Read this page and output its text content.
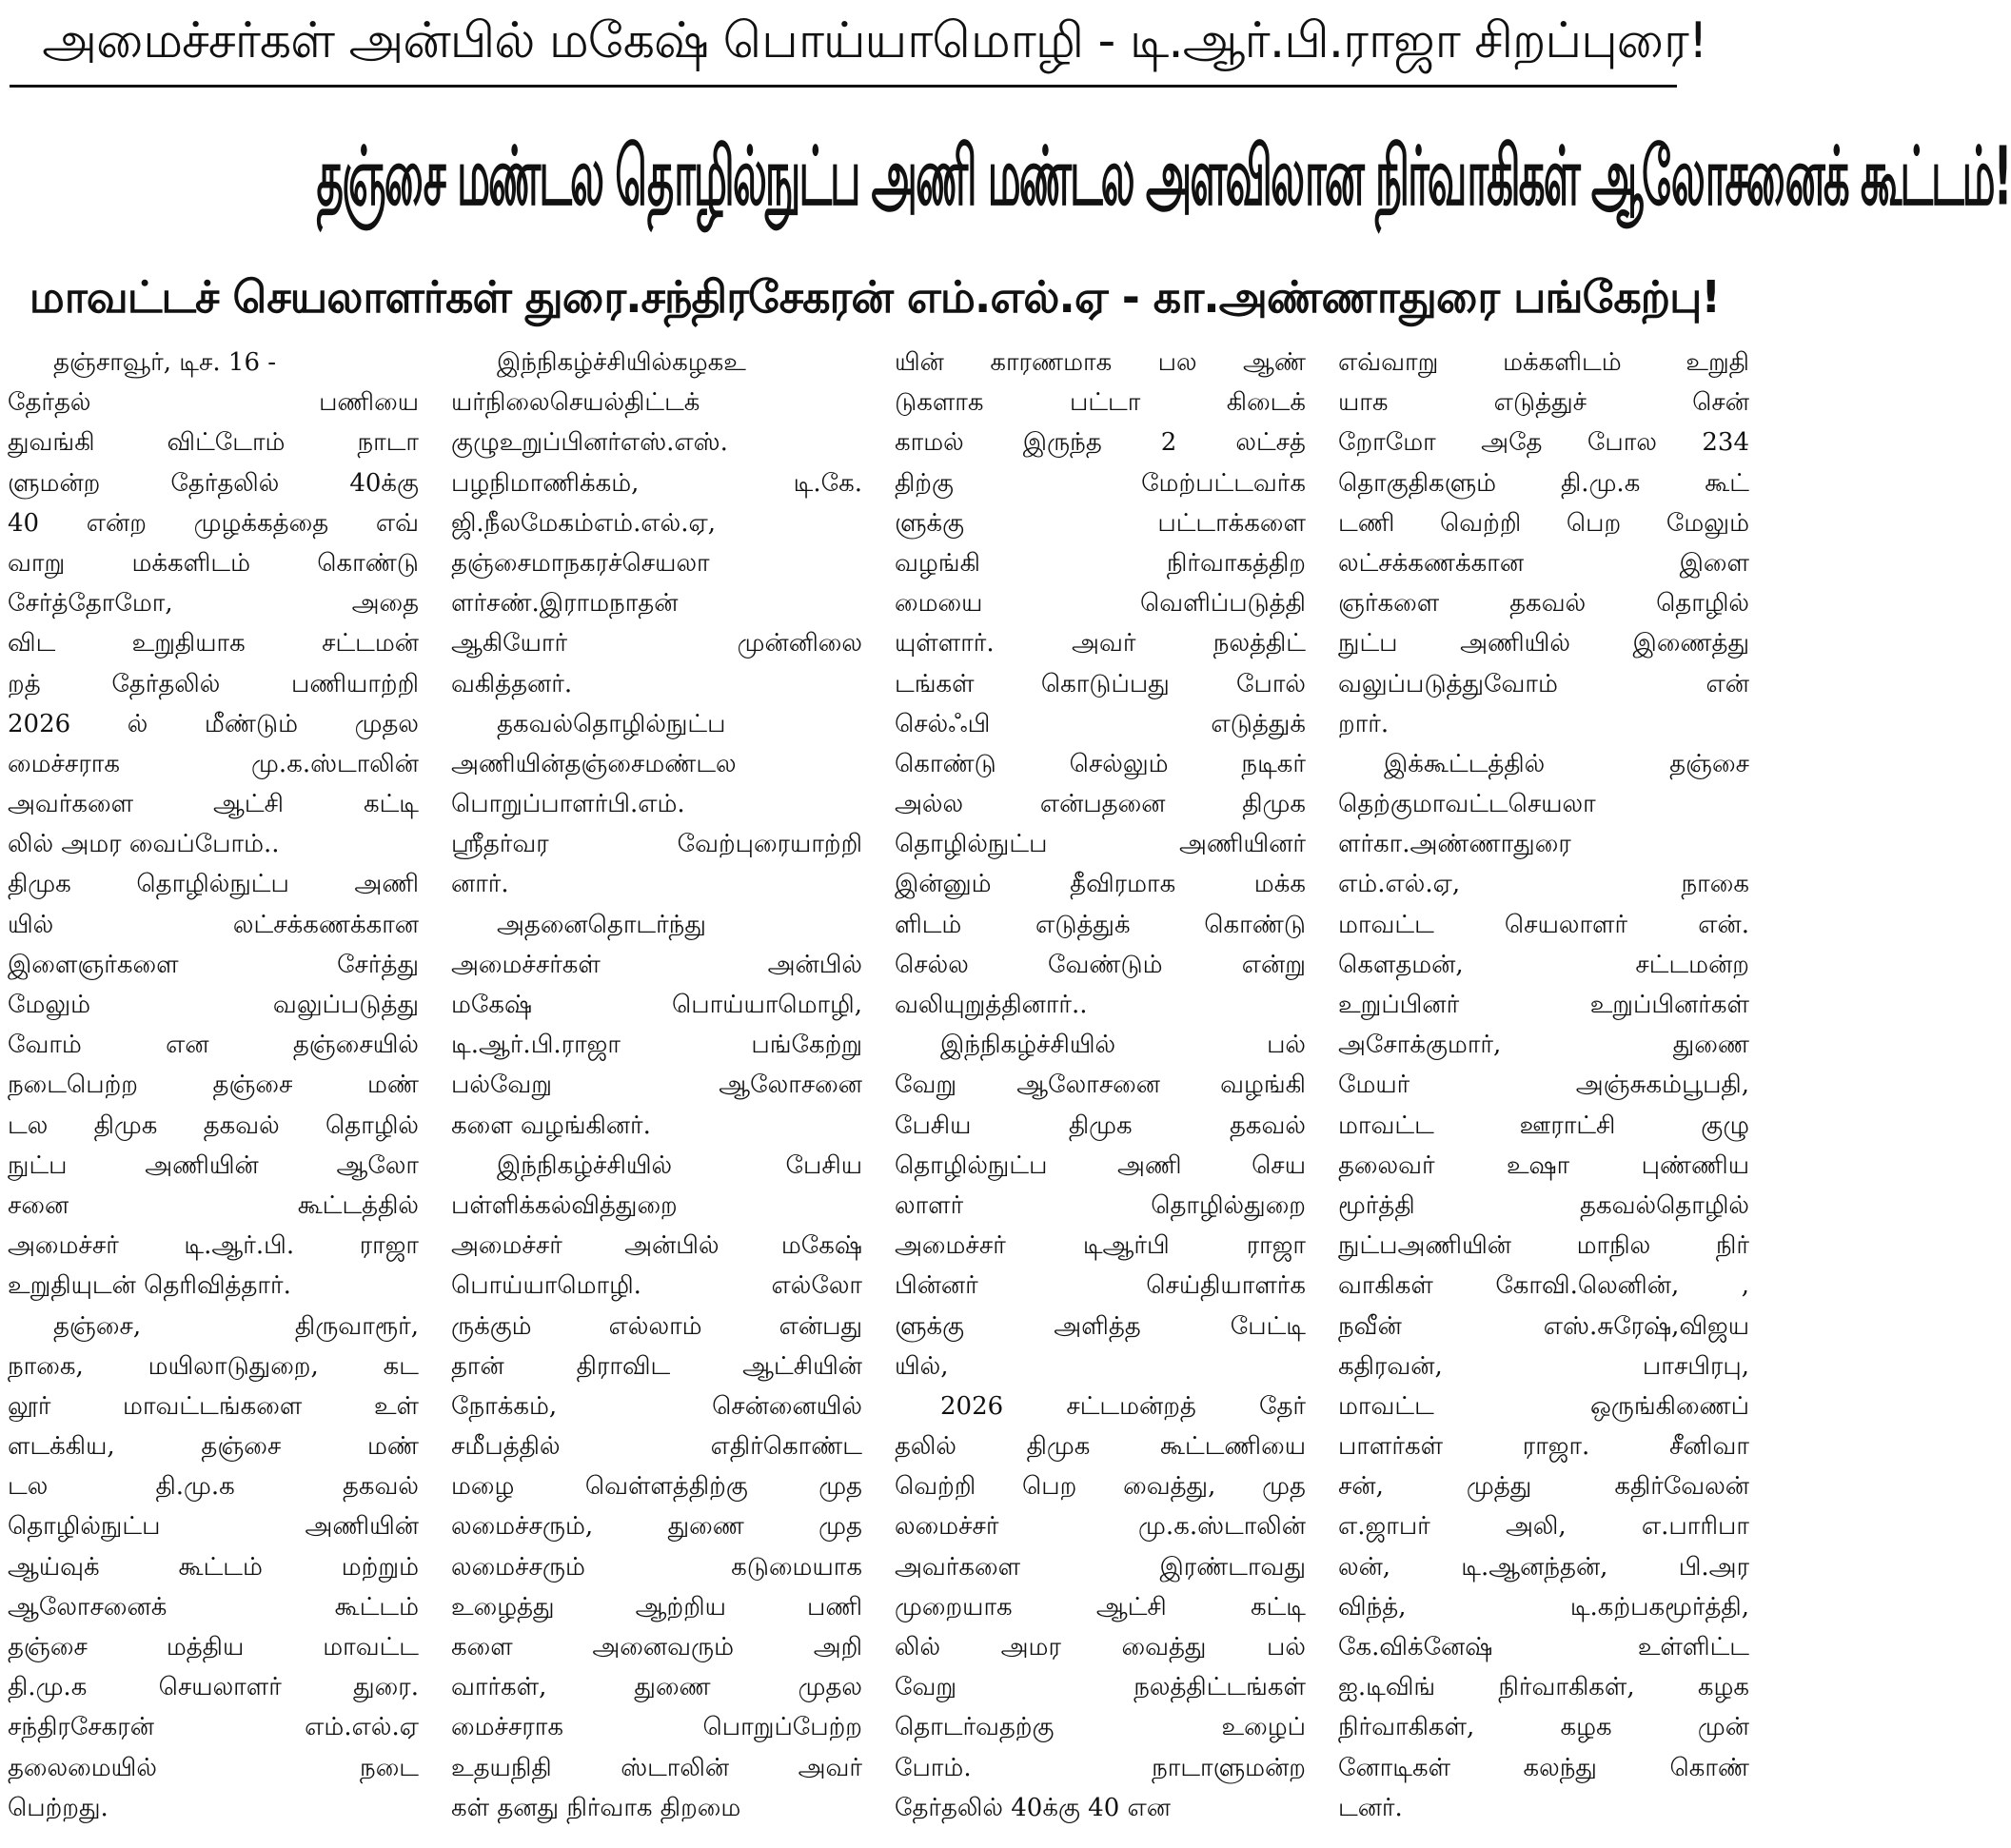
அமைச்சர்கள் அன்பில் மகேஷ் பொய்யாமொழி - டி.ஆர்.பி.ராஜா சிறப்புரை!
தஞ்சை மண்டல தொழில்நுட்ப அணி மண்டல அளவிலான நிர்வாகிகள் ஆலோசனைக் கூட்டம்!
மாவட்டச் செயலாளர்கள் துரை.சந்திரசேகரன் எம்.எல்.ஏ - கா.அண்ணாதுரை பங்கேற்பு!
தஞ்சாவூர், டிச. 16 -
தேர்தல் பணியை
துவங்கி விட்டோம் நாடா
ளுமன்ற தேர்தலில் 40க்கு
40 என்ற முழக்கத்தை எவ்
வாறு மக்களிடம் கொண்டு
சேர்த்தோமோ, அதை
விட உறுதியாக சட்டமன்
றத் தேர்தலில் பணியாற்றி
2026 ல் மீண்டும் முதல
மைச்சராக மு.க.ஸ்டாலின்
அவர்களை ஆட்சி கட்டி
லில் அமர வைப்போம்..
திமுக தொழில்நுட்ப அணி
யில் லட்சக்கணக்கான
இளைஞர்களை சேர்த்து
மேலும் வலுப்படுத்து
வோம் என தஞ்சையில்
நடைபெற்ற தஞ்சை மண்
டல திமுக தகவல் தொழில்
நுட்ப அணியின் ஆலோ
சனை கூட்டத்தில்
அமைச்சர் டி.ஆர்.பி. ராஜா
உறுதியுடன் தெரிவித்தார்.
தஞ்சை, திருவாரூர்,
நாகை, மயிலாடுதுறை, கட
லூர் மாவட்டங்களை உள்
ளடக்கிய, தஞ்சை மண்
டல தி.மு.க தகவல்
தொழில்நுட்ப அணியின்
ஆய்வுக் கூட்டம் மற்றும்
ஆலோசனைக் கூட்டம்
தஞ்சை மத்திய மாவட்ட
தி.மு.க செயலாளர் துரை.
சந்திரசேகரன் எம்.எல்.ஏ
தலைமையில் நடை
பெற்றது.
இந்நிகழ்ச்சியில்கழகஉ
யர்நிலைசெயல்திட்டக்
குழுஉறுப்பினர்எஸ்.எஸ்.
பழநிமாணிக்கம், டி.கே.
ஜி.நீலமேகம்எம்.எல்.ஏ,
தஞ்சைமாநகரச்செயலா
ளர்சண்.இராமநாதன்
ஆகியோர் முன்னிலை
வகித்தனர்.
தகவல்தொழில்நுட்ப
அணியின்தஞ்சைமண்டல
பொறுப்பாளர்பி.எம்.
ஸ்ரீதர்வர வேற்புரையாற்றி
னார்.
அதனைதொடர்ந்து
அமைச்சர்கள் அன்பில்
மகேஷ் பொய்யாமொழி,
டி.ஆர்.பி.ராஜா பங்கேற்று
பல்வேறு ஆலோசனை
களை வழங்கினர்.
இந்நிகழ்ச்சியில் பேசிய
பள்ளிக்கல்வித்துறை
அமைச்சர் அன்பில் மகேஷ்
பொய்யாமொழி. எல்லோ
ருக்கும் எல்லாம் என்பது
தான் திராவிட ஆட்சியின்
நோக்கம், சென்னையில்
சமீபத்தில் எதிர்கொண்ட
மழை வெள்ளத்திற்கு முத
லமைச்சரும், துணை முத
லமைச்சரும் கடுமையாக
உழைத்து ஆற்றிய பணி
களை அனைவரும் அறி
வார்கள், துணை முதல
மைச்சராக பொறுப்பேற்ற
உதயநிதி ஸ்டாலின் அவர்
கள் தனது நிர்வாக திறமை
யின் காரணமாக பல ஆண்
டுகளாக பட்டா கிடைக்
காமல் இருந்த 2 லட்சத்
திற்கு மேற்பட்டவர்க
ளுக்கு பட்டாக்களை
வழங்கி நிர்வாகத்திற
மையை வெளிப்படுத்தி
யுள்ளார். அவர் நலத்திட்
டங்கள் கொடுப்பது போல்
செல்ஃபி எடுத்துக்
கொண்டு செல்லும் நடிகர்
அல்ல என்பதனை திமுக
தொழில்நுட்ப அணியினர்
இன்னும் தீவிரமாக மக்க
ளிடம் எடுத்துக் கொண்டு
செல்ல வேண்டும் என்று
வலியுறுத்தினார்..
இந்நிகழ்ச்சியில் பல்
வேறு ஆலோசனை வழங்கி
பேசிய திமுக தகவல்
தொழில்நுட்ப அணி செய
லாளர் தொழில்துறை
அமைச்சர் டிஆர்பி ராஜா
பின்னர் செய்தியாளர்க
ளுக்கு அளித்த பேட்டி
யில்,
2026 சட்டமன்றத் தேர்
தலில் திமுக கூட்டணியை
வெற்றி பெற வைத்து, முத
லமைச்சர் மு.க.ஸ்டாலின்
அவர்களை இரண்டாவது
முறையாக ஆட்சி கட்டி
லில் அமர வைத்து பல்
வேறு நலத்திட்டங்கள்
தொடர்வதற்கு உழைப்
போம். நாடாளுமன்ற
தேர்தலில் 40க்கு 40 என
எவ்வாறு மக்களிடம் உறுதி
யாக எடுத்துச் சென்
றோமோ அதே போல 234
தொகுதிகளும் தி.மு.க கூட்
டணி வெற்றி பெற மேலும்
லட்சக்கணக்கான இளை
ஞர்களை தகவல் தொழில்
நுட்ப அணியில் இணைத்து
வலுப்படுத்துவோம் என்
றார்.
இக்கூட்டத்தில் தஞ்சை
தெற்குமாவட்டசெயலா
ளர்கா.அண்ணாதுரை
எம்.எல்.ஏ, நாகை
மாவட்ட செயலாளர் என்.
கௌதமன், சட்டமன்ற
உறுப்பினர் உறுப்பினர்கள்
அசோக்குமார், துணை
மேயர் அஞ்சுகம்பூபதி,
மாவட்ட ஊராட்சி குழு
தலைவர் உஷா புண்ணிய
மூர்த்தி தகவல்தொழில்
நுட்பஅணியின் மாநில நிர்
வாகிகள் கோவி.லெனின், ,
நவீன் எஸ்.சுரேஷ்,விஜய
கதிரவன், பாசபிரபு,
மாவட்ட ஒருங்கிணைப்
பாளர்கள் ராஜா. சீனிவா
சன், முத்து கதிர்வேலன்
எ.ஜாபர் அலி, எ.பாரிபா
லன், டி.ஆனந்தன், பி.அர
விந்த், டி.கற்பகமூர்த்தி,
கே.விக்னேஷ் உள்ளிட்ட
ஐ.டிவிங் நிர்வாகிகள், கழக
நிர்வாகிகள், கழக முன்
னோடிகள் கலந்து கொண்
டனர்.
